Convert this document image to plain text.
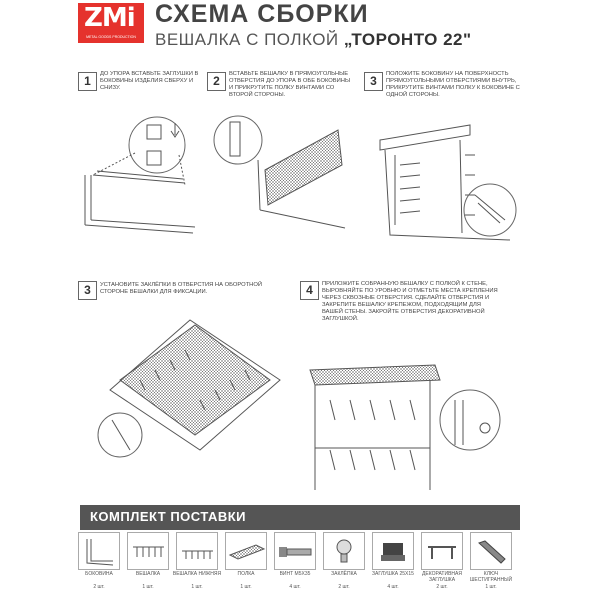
ZMi
METAL GOODS PRODUCTION
СХЕМА СБОРКИ
ВЕШАЛКА С ПОЛКОЙ „ТОРОНТО 22"
1	ДО УПОРА ВСТАВЬТЕ ЗАГЛУШКИ В БОКОВИНЫ ИЗДЕЛИЯ СВЕРХУ И СНИЗУ.	2	ВСТАВЬТЕ ВЕШАЛКУ В ПРЯМОУГОЛЬНЫЕ ОТВЕРСТИЯ ДО УПОРА В ОБЕ БОКОВИНЫ И ПРИКРУТИТЕ ПОЛКУ ВИНТАМИ СО ВТОРОЙ СТОРОНЫ.
3	ПОЛОЖИТЕ БОКОВИНУ НА ПОВЕРХНОСТЬ ПРЯМОУГОЛЬНЫМИ ОТВЕРСТИЯМИ ВНУТРЬ, ПРИКРУТИТЕ ВИНТАМИ ПОЛКУ К БОКОВИНЕ С ОДНОЙ СТОРОНЫ.
3	УСТАНОВИТЕ ЗАКЛЁПКИ В ОТВЕРСТИЯ НА ОБОРОТНОЙ СТОРОНЕ ВЕШАЛКИ ДЛЯ ФИКСАЦИИ.	4	ПРИЛОЖИТЕ СОБРАННУЮ ВЕШАЛКУ С ПОЛКОЙ К СТЕНЕ, ВЫРОВНЯЙТЕ ПО УРОВНЮ И ОТМЕТЬТЕ МЕСТА КРЕПЛЕНИЯ ЧЕРЕЗ СКВОЗНЫЕ ОТВЕРСТИЯ. СДЕЛАЙТЕ ОТВЕРСТИЯ И ЗАКРЕПИТЕ ВЕШАЛКУ КРЕПЕЖОМ, ПОДХОДЯЩИМ ДЛЯ ВАШЕЙ СТЕНЫ. ЗАКРОЙТЕ ОТВЕРСТИЯ ДЕКОРАТИВНОЙ ЗАГЛУШКОЙ.
КОМПЛЕКТ ПОСТАВКИ
БОКОВИНА
2 шт.
ВЕШАЛКА
1 шт.
ВЕШАЛКА НИЖНЯЯ
1 шт.
ПОЛКА
1 шт.
ВИНТ М5Х35
4 шт.
ЗАКЛЁПКА
2 шт.
ЗАГЛУШКА 25Х15
4 шт.
ДЕКОРАТИВНАЯ ЗАГЛУШКА
2 шт.
КЛЮЧ ШЕСТИГРАННЫЙ
1 шт.
